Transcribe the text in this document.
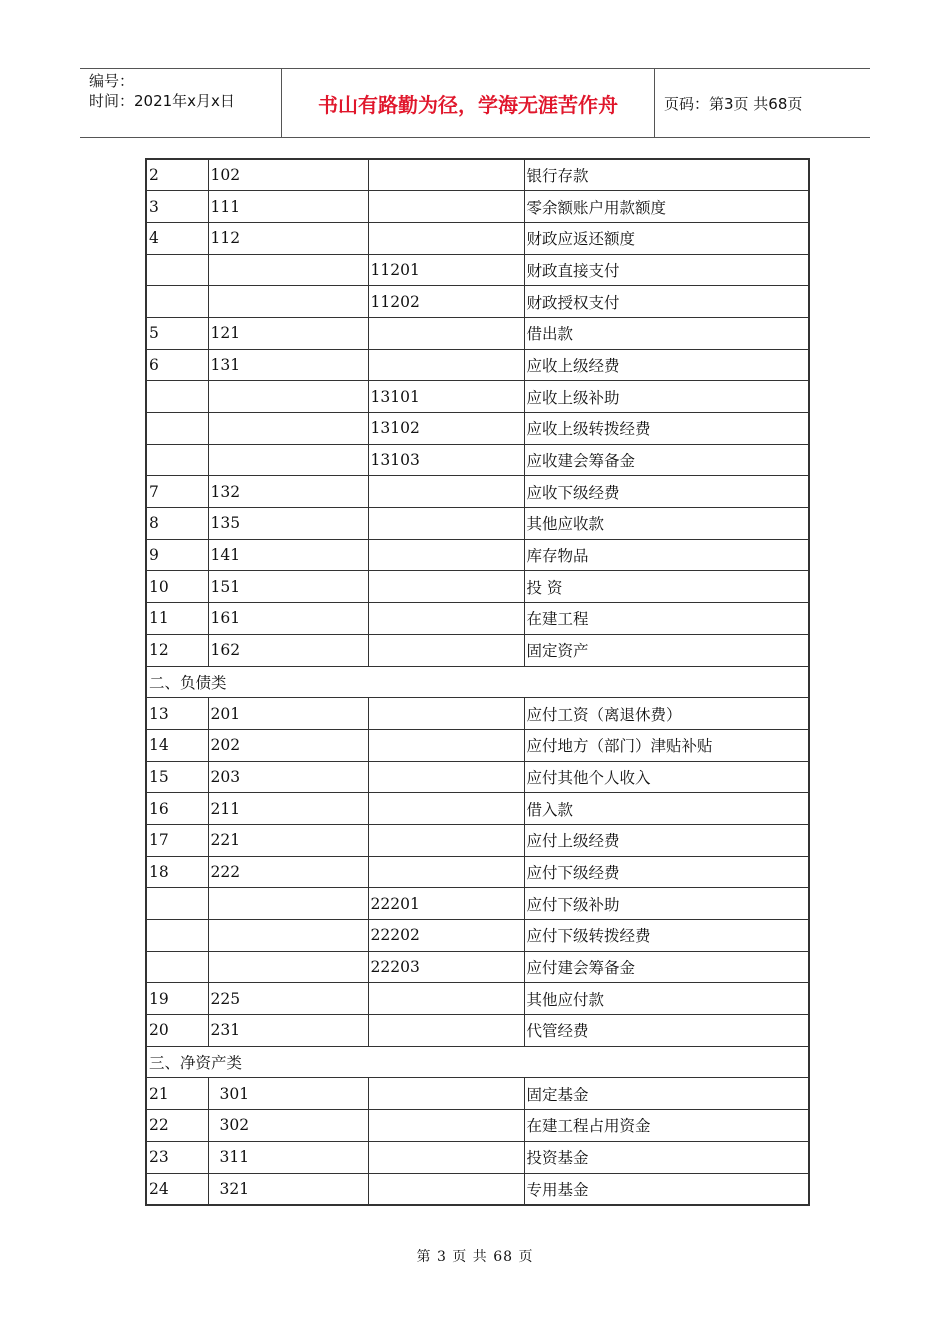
编号：
时间：2021年x月x日	书山有路勤为径，学海无涯苦作舟	页码：第3页 共68页
2	102		银行存款
3	111		零余额账户用款额度
4	112		财政应返还额度
		11201	财政直接支付
		11202	财政授权支付
5	121		借出款
6	131		应收上级经费
		13101	应收上级补助
		13102	应收上级转拨经费
		13103	应收建会筹备金
7	132		应收下级经费
8	135		其他应收款
9	141		库存物品
10	151		投 资
11	161		在建工程
12	162		固定资产
二、负债类			
13	201		应付工资（离退休费）
14	202		应付地方（部门）津贴补贴
15	203		应付其他个人收入
16	211		借入款
17	221		应付上级经费
18	222		应付下级经费
		22201	应付下级补助
		22202	应付下级转拨经费
		22203	应付建会筹备金
19	225		其他应付款
20	231		代管经费
三、净资产类			
21	301		固定基金
22	302		在建工程占用资金
23	311		投资基金
24	321		专用基金
第 3 页 共 68 页
